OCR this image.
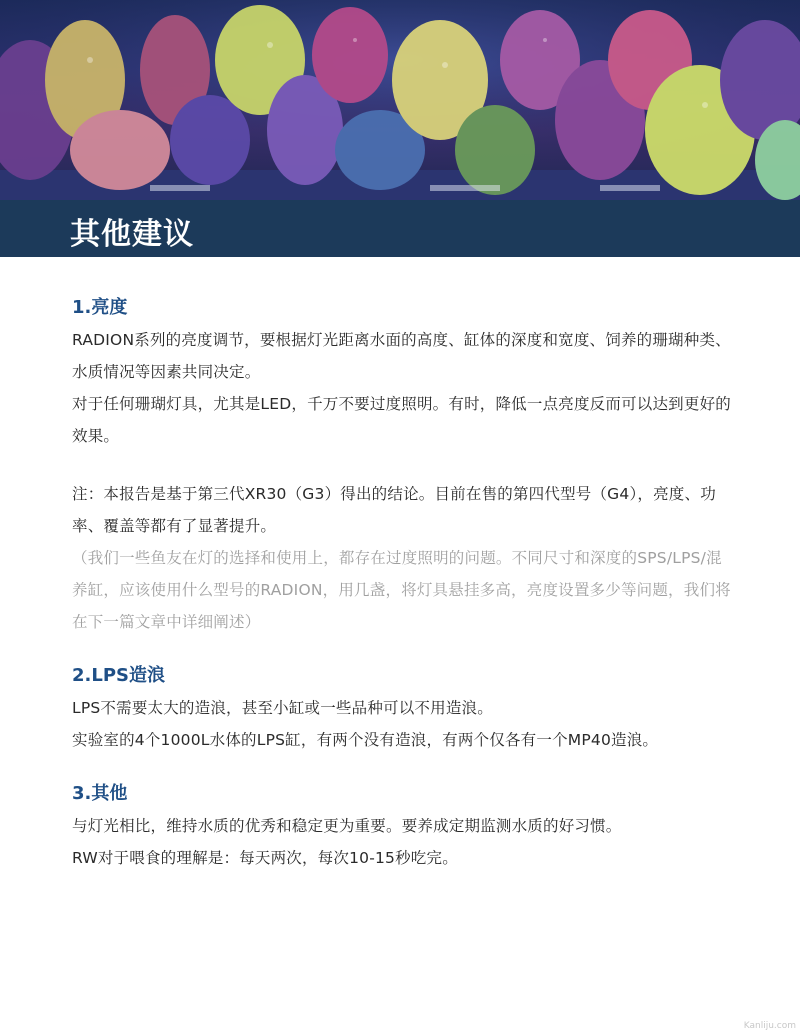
其他建议
1.亮度

RADION系列的亮度调节，要根据灯光距离水面的高度、缸体的深度和宽度、饲养的珊瑚种类、水质情况等因素共同决定。

对于任何珊瑚灯具，尤其是LED，千万不要过度照明。有时，降低一点亮度反而可以达到更好的效果。

注：本报告是基于第三代XR30（G3）得出的结论。目前在售的第四代型号（G4），亮度、功率、覆盖等都有了显著提升。

（我们一些鱼友在灯的选择和使用上，都存在过度照明的问题。不同尺寸和深度的SPS/LPS/混养缸，应该使用什么型号的RADION，用几盏，将灯具悬挂多高，亮度设置多少等问题，我们将在下一篇文章中详细阐述）

2.LPS造浪

LPS不需要太大的造浪，甚至小缸或一些品种可以不用造浪。

实验室的4个1000L水体的LPS缸，有两个没有造浪，有两个仅各有一个MP40造浪。

3.其他

与灯光相比，维持水质的优秀和稳定更为重要。要养成定期监测水质的好习惯。

RW对于喂食的理解是：每天两次，每次10-15秒吃完。

Kanliju.com
